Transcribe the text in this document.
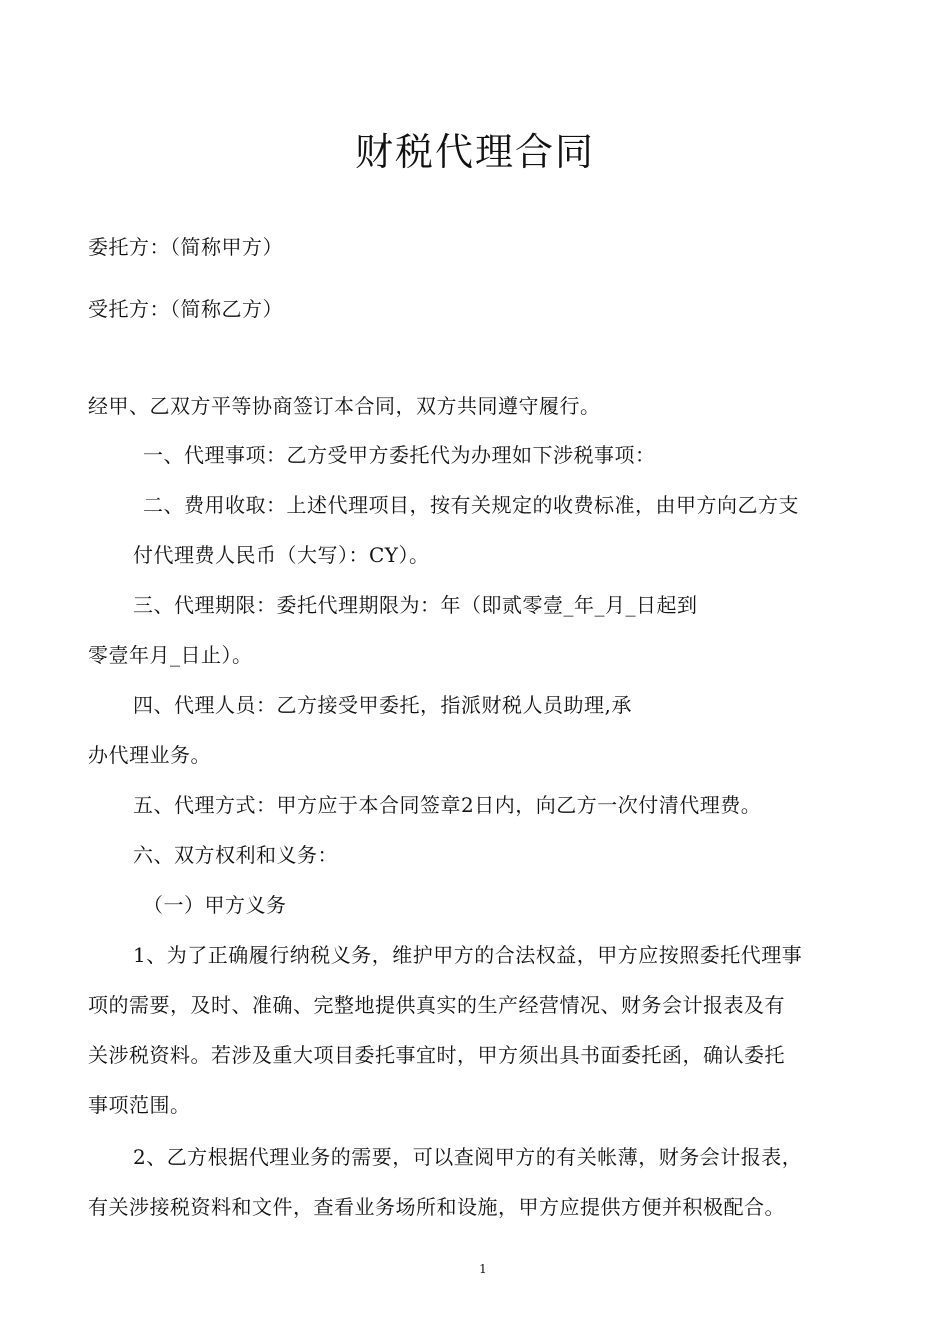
财税代理合同
委托方：（简称甲方）
受托方：（简称乙方）
经甲、乙双方平等协商签订本合同，双方共同遵守履行。
一、代理事项：乙方受甲方委托代为办理如下涉税事项：
二、费用收取：上述代理项目，按有关规定的收费标准，由甲方向乙方支
付代理费人民币（大写）：CY）。
三、代理期限：委托代理期限为：年（即贰零壹_年_月_日起到
零壹年月_日止）。
四、代理人员：乙方接受甲委托，指派财税人员助理,承
办代理业务。
五、代理方式：甲方应于本合同签章2日内，向乙方一次付清代理费。
六、双方权利和义务：
（一）甲方义务
1、为了正确履行纳税义务，维护甲方的合法权益，甲方应按照委托代理事
项的需要，及时、准确、完整地提供真实的生产经营情况、财务会计报表及有
关涉税资料。若涉及重大项目委托事宜时，甲方须出具书面委托函，确认委托
事项范围。
2、乙方根据代理业务的需要，可以查阅甲方的有关帐薄，财务会计报表，
有关涉接税资料和文件，查看业务场所和设施，甲方应提供方便并积极配合。
1
